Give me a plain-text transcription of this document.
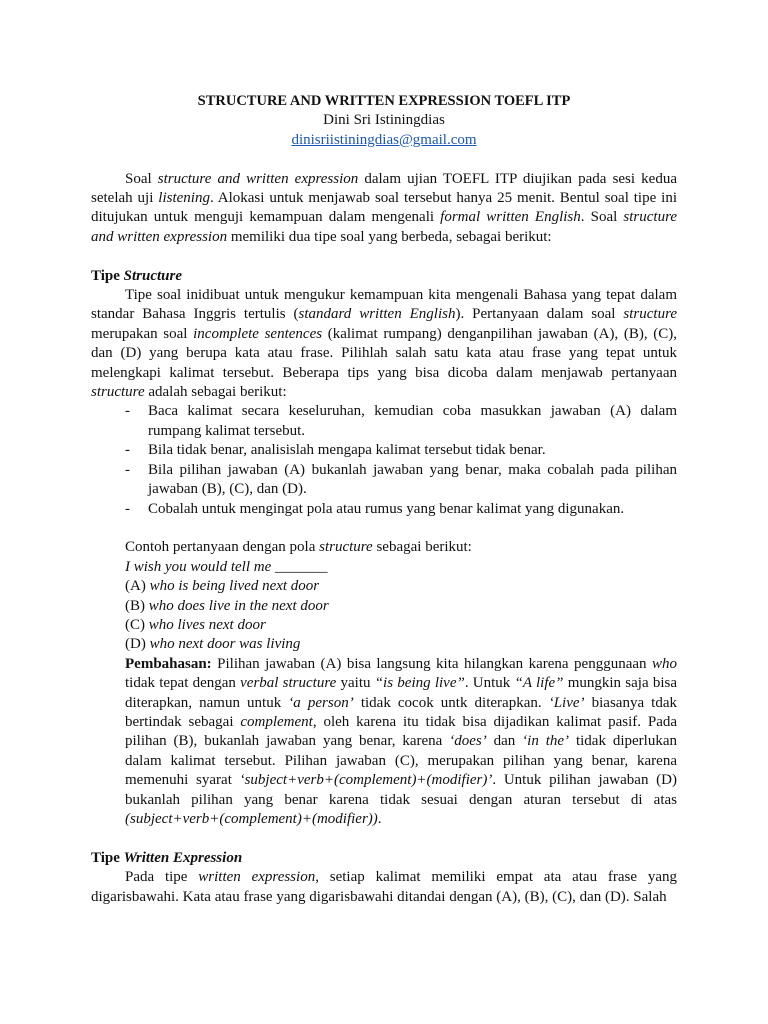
STRUCTURE AND WRITTEN EXPRESSION TOEFL ITP
Dini Sri Istiningdias
dinisriistiningdias@gmail.com

Soal structure and written expression dalam ujian TOEFL ITP diujikan pada sesi kedua setelah uji listening. Alokasi untuk menjawab soal tersebut hanya 25 menit. Bentul soal tipe ini ditujukan untuk menguji kemampuan dalam mengenali formal written English. Soal structure and written expression memiliki dua tipe soal yang berbeda, sebagai berikut:

Tipe Structure

Tipe soal inidibuat untuk mengukur kemampuan kita mengenali Bahasa yang tepat dalam standar Bahasa Inggris tertulis (standard written English). Pertanyaan dalam soal structure merupakan soal incomplete sentences (kalimat rumpang) denganpilihan jawaban (A), (B), (C), dan (D) yang berupa kata atau frase. Pilihlah salah satu kata atau frase yang tepat untuk melengkapi kalimat tersebut. Beberapa tips yang bisa dicoba dalam menjawab pertanyaan structure adalah sebagai berikut:

- Baca kalimat secara keseluruhan, kemudian coba masukkan jawaban (A) dalam rumpang kalimat tersebut.
- Bila tidak benar, analisislah mengapa kalimat tersebut tidak benar.
- Bila pilihan jawaban (A) bukanlah jawaban yang benar, maka cobalah pada pilihan jawaban (B), (C), dan (D).
- Cobalah untuk mengingat pola atau rumus yang benar kalimat yang digunakan.
Contoh pertanyaan dengan pola structure sebagai berikut:
I wish you would tell me _______
(A) who is being lived next door
(B) who does live in the next door
(C) who lives next door
(D) who next door was living

Pembahasan: Pilihan jawaban (A) bisa langsung kita hilangkan karena penggunaan who tidak tepat dengan verbal structure yaitu “is being live”. Untuk “A life” mungkin saja bisa diterapkan, namun untuk ‘a person’ tidak cocok untk diterapkan. ‘Live’ biasanya tdak bertindak sebagai complement, oleh karena itu tidak bisa dijadikan kalimat pasif. Pada pilihan (B), bukanlah jawaban yang benar, karena ‘does’ dan ‘in the’ tidak diperlukan dalam kalimat tersebut. Pilihan jawaban (C), merupakan pilihan yang benar, karena memenuhi syarat ‘subject+verb+(complement)+(modifier)’. Untuk pilihan jawaban (D) bukanlah pilihan yang benar karena tidak sesuai dengan aturan tersebut di atas (subject+verb+(complement)+(modifier)).

Tipe Written Expression

Pada tipe written expression, setiap kalimat memiliki empat ata atau frase yang digarisbawahi. Kata atau frase yang digarisbawahi ditandai dengan (A), (B), (C), dan (D). Salah
